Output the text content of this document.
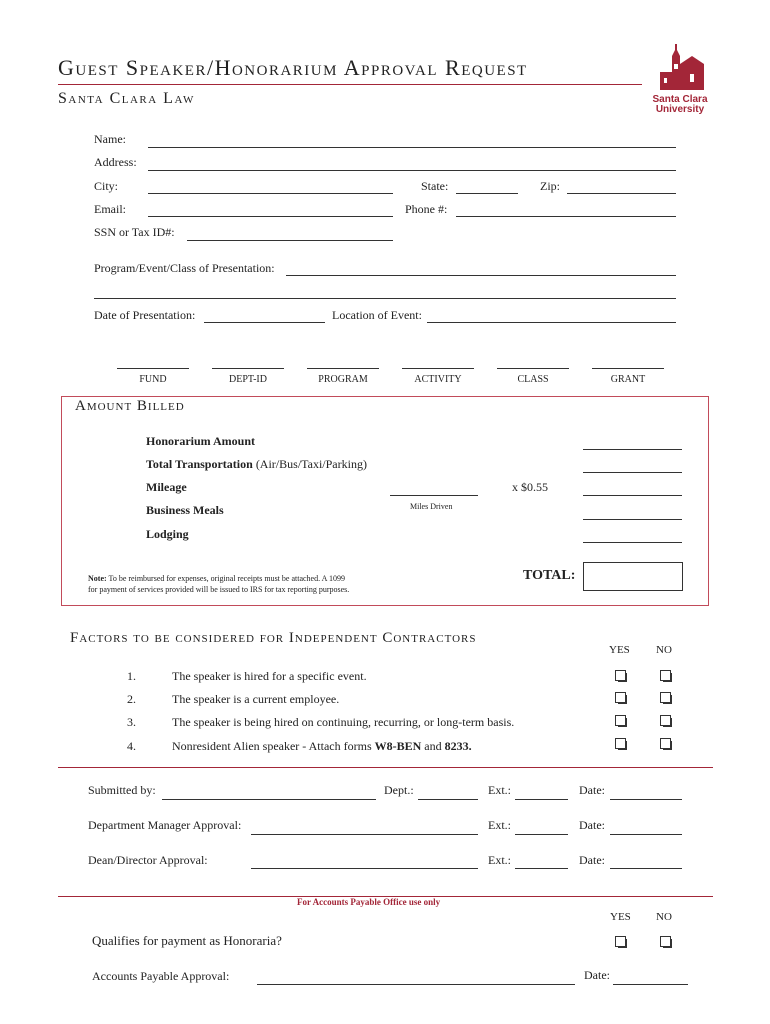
Guest Speaker/Honorarium Approval Request
Santa Clara Law	Santa Clara
University
Name:
Address:
City:	State:	Zip:
Email:	Phone #:
SSN or Tax ID#:
Program/Event/Class of Presentation:
Date of Presentation:	Location of Event:
FUND	DEPT-ID	PROGRAM	ACTIVITY	CLASS	GRANT
Amount Billed
Honorarium Amount
Total Transportation (Air/Bus/Taxi/Parking)
Mileage	x $0.55
Miles Driven
Business Meals
Lodging
Note: To be reimbursed for expenses, original receipts must be attached. A 1099
for payment of services provided will be issued to IRS for tax reporting purposes.
TOTAL:
Factors to be considered for Independent Contractors
YES NO
1.	The speaker is hired for a specific event.
2.	The speaker is a current employee.
3.	The speaker is being hired on continuing, recurring, or long-term basis.
4.	Nonresident Alien speaker - Attach forms W8-BEN and 8233.
Submitted by:	Dept.:	Ext.:	Date:
Department Manager Approval:	Ext.:	Date:
Dean/Director Approval:	Ext.:	Date:
For Accounts Payable Office use only
YES NO
Qualifies for payment as Honoraria?
Accounts Payable Approval:	Date:
